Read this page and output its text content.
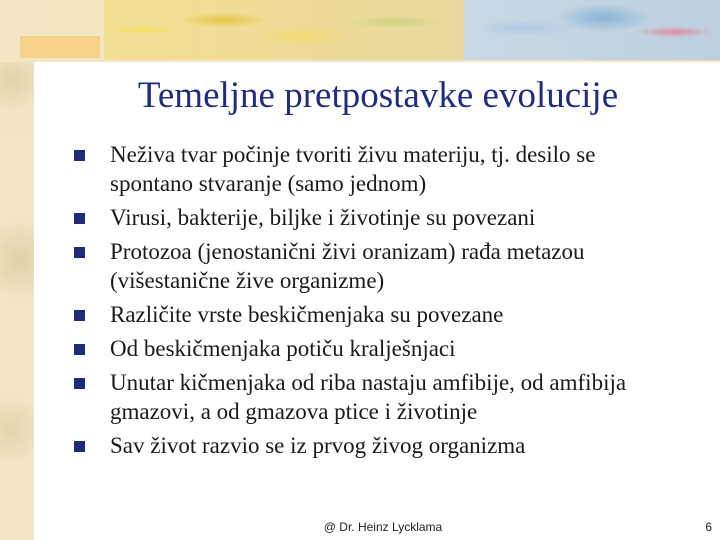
Temeljne pretpostavke evolucije
Neživa tvar počinje tvoriti živu materiju, tj. desilo se spontano stvaranje (samo jednom)
Virusi, bakterije, biljke i životinje su povezani
Protozoa (jenostanični živi oranizam) rađa metazou (višestanične žive organizme)
Različite vrste beskičmenjaka su povezane
Od beskičmenjaka potiču kralješnjaci
Unutar kičmenjaka od riba nastaju amfibije, od amfibija gmazovi, a od gmazova ptice i životinje
Sav život razvio se iz prvog živog organizma
@ Dr. Heinz Lycklama	6
